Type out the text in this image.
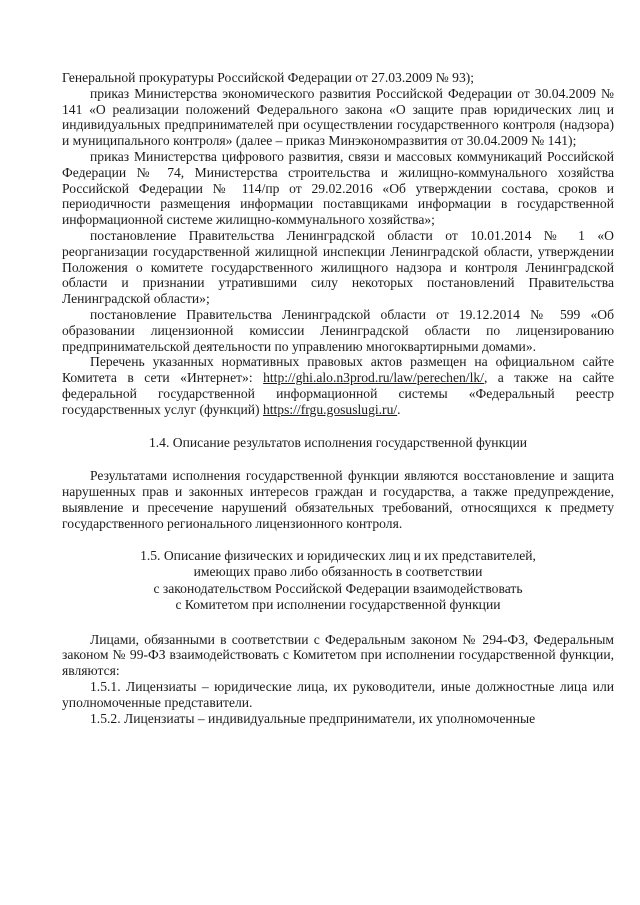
Генеральной прокуратуры Российской Федерации от 27.03.2009 № 93);

приказ Министерства экономического развития Российской Федерации от 30.04.2009 № 141 «О реализации положений Федерального закона «О защите прав юридических лиц и индивидуальных предпринимателей при осуществлении государственного контроля (надзора) и муниципального контроля» (далее – приказ Минэкономразвития от 30.04.2009 № 141);

приказ Министерства цифрового развития, связи и массовых коммуникаций Российской Федерации № 74, Министерства строительства и жилищно-коммунального хозяйства Российской Федерации № 114/пр от 29.02.2016 «Об утверждении состава, сроков и периодичности размещения информации поставщиками информации в государственной информационной системе жилищно-коммунального хозяйства»;

постановление Правительства Ленинградской области от 10.01.2014 № 1 «О реорганизации государственной жилищной инспекции Ленинградской области, утверждении Положения о комитете государственного жилищного надзора и контроля Ленинградской области и признании утратившими силу некоторых постановлений Правительства Ленинградской области»;

постановление Правительства Ленинградской области от 19.12.2014 № 599 «Об образовании лицензионной комиссии Ленинградской области по лицензированию предпринимательской деятельности по управлению многоквартирными домами».

Перечень указанных нормативных правовых актов размещен на официальном сайте Комитета в сети «Интернет»: http://ghi.alo.n3prod.ru/law/perechen/lk/, а также на сайте федеральной государственной информационной системы «Федеральный реестр государственных услуг (функций) https://frgu.gosuslugi.ru/.

1.4. Описание результатов исполнения государственной функции

Результатами исполнения государственной функции являются восстановление и защита нарушенных прав и законных интересов граждан и государства, а также предупреждение, выявление и пресечение нарушений обязательных требований, относящихся к предмету государственного регионального лицензионного контроля.

1.5. Описание физических и юридических лиц и их представителей,
имеющих право либо обязанность в соответствии
с законодательством Российской Федерации взаимодействовать
с Комитетом при исполнении государственной функции

Лицами, обязанными в соответствии с Федеральным законом № 294-ФЗ, Федеральным законом № 99-ФЗ взаимодействовать с Комитетом при исполнении государственной функции, являются:

1.5.1. Лицензиаты – юридические лица, их руководители, иные должностные лица или уполномоченные представители.

1.5.2. Лицензиаты – индивидуальные предприниматели, их уполномоченные
